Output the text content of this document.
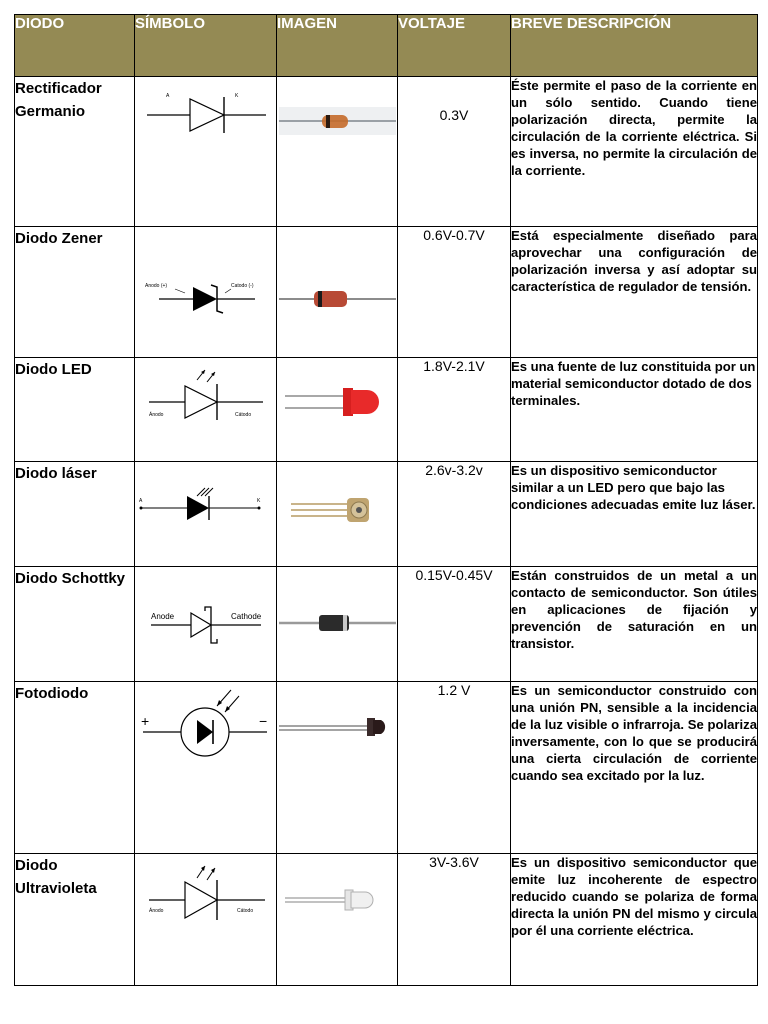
DIODO	SÍMBOLO	IMAGEN	VOLTAJE	BREVE DESCRIPCIÓN
Rectificador Germanio	A K		0.3V	Éste permite el paso de la corriente en un sólo sentido. Cuando tiene polarización directa, permite la circulación de la corriente eléctrica. Si es inversa, no permite la circulación de la corriente.
Diodo Zener	Anodo (+) Catodo (-)		0.6V-0.7V	Está especialmente diseñado para aprovechar una configuración de polarización inversa y así adoptar su característica de regulador de tensión.
Diodo LED	Ánodo Cátodo		1.8V-2.1V	Es una fuente de luz constituida por un material semiconductor dotado de dos terminales.
Diodo láser	A K		2.6v-3.2v	Es un dispositivo semiconductor similar a un LED pero que bajo las condiciones adecuadas emite luz láser.
Diodo Schottky	Anode Cathode		0.15V-0.45V	Están construidos de un metal a un contacto de semiconductor. Son útiles en aplicaciones de fijación y prevención de saturación en un transistor.
Fotodiodo	+ −		1.2 V	Es un semiconductor construido con una unión PN, sensible a la incidencia de la luz visible o infrarroja. Se polariza inversamente, con lo que se producirá una cierta circulación de corriente cuando sea excitado por la luz.
Diodo Ultravioleta	Ánodo Cátodo		3V-3.6V	Es un dispositivo semiconductor que emite luz incoherente de espectro reducido cuando se polariza de forma directa la unión PN del mismo y circula por él una corriente eléctrica.
